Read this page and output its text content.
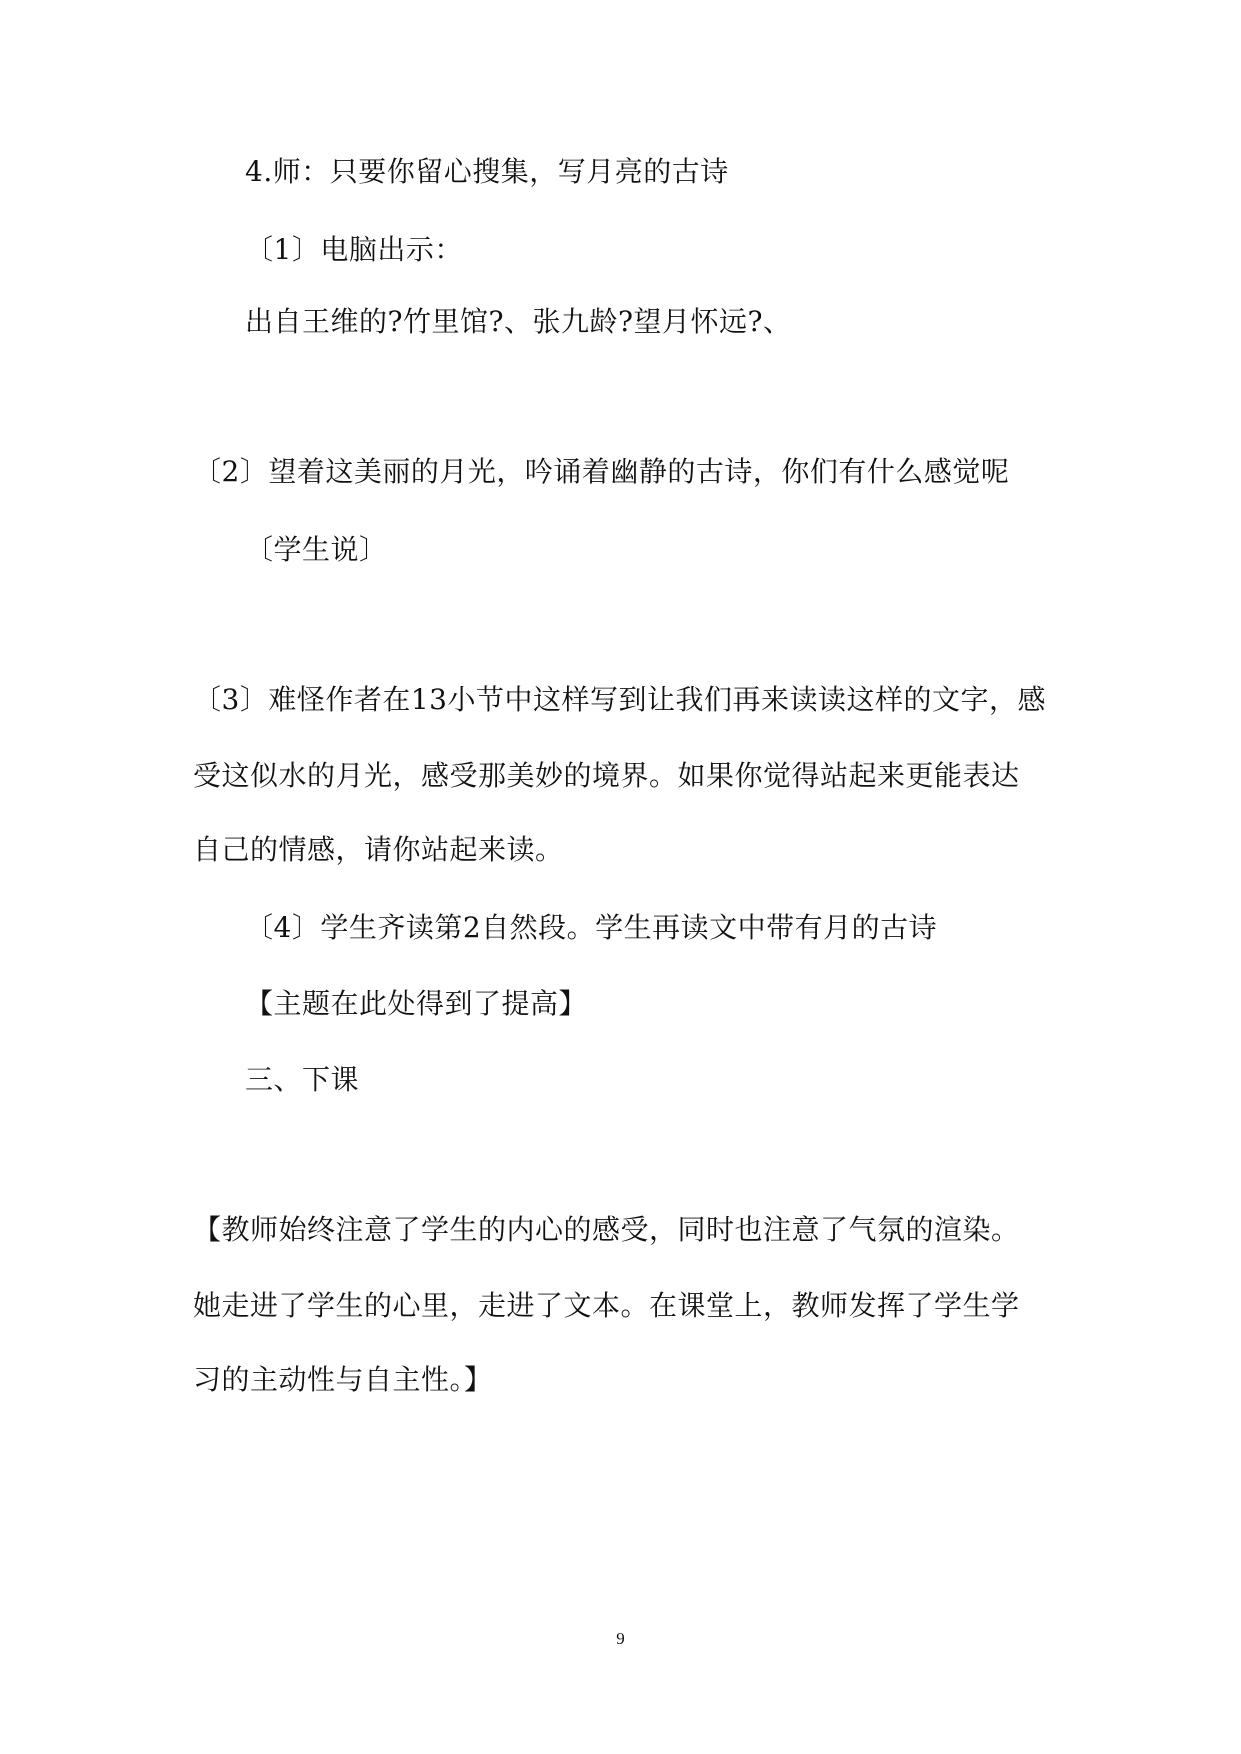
4.师：只要你留心搜集，写月亮的古诗
〔1〕电脑出示：
出自王维的?竹里馆?、张九龄?望月怀远?、
〔2〕望着这美丽的月光，吟诵着幽静的古诗，你们有什么感觉呢
〔学生说〕
〔3〕难怪作者在13小节中这样写到让我们再来读读这样的文字，感
受这似水的月光，感受那美妙的境界。如果你觉得站起来更能表达
自己的情感，请你站起来读。
〔4〕学生齐读第2自然段。学生再读文中带有月的古诗
【主题在此处得到了提高】
三、下课
【教师始终注意了学生的内心的感受，同时也注意了气氛的渲染。
她走进了学生的心里，走进了文本。在课堂上，教师发挥了学生学
习的主动性与自主性。】
9
